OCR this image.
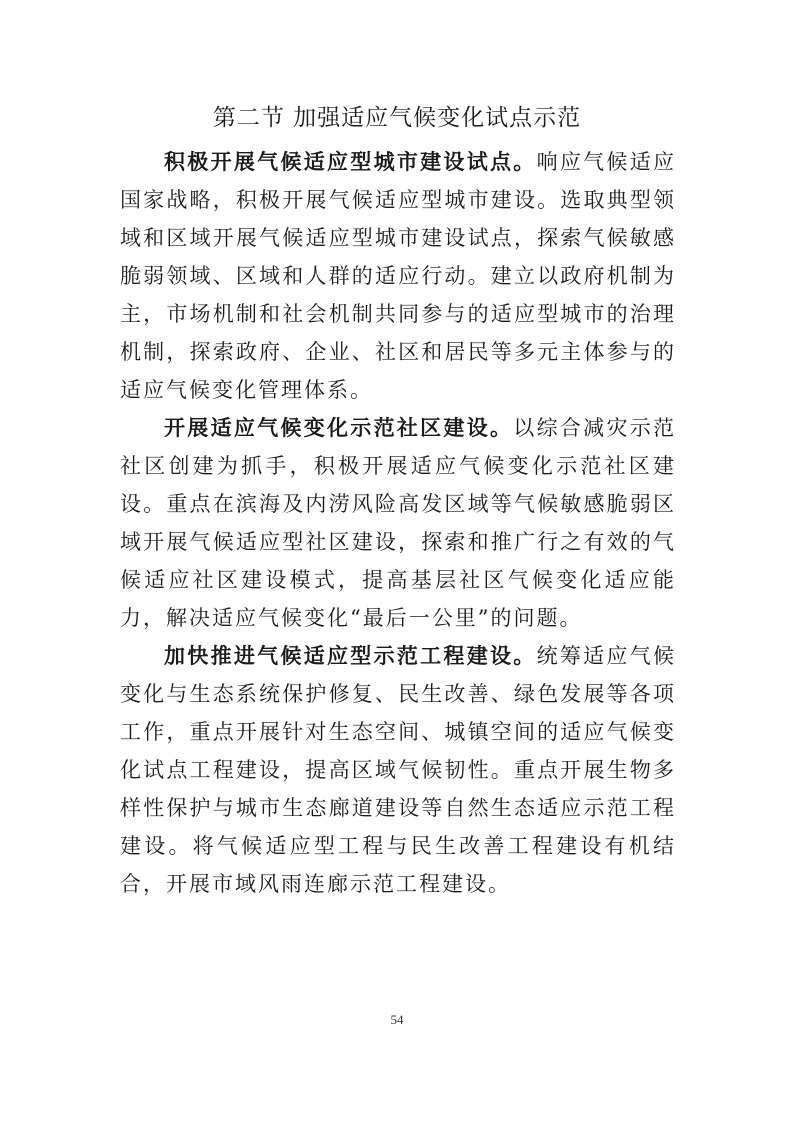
第二节 加强适应气候变化试点示范

积极开展气候适应型城市建设试点。响应气候适应国家战略，积极开展气候适应型城市建设。选取典型领域和区域开展气候适应型城市建设试点，探索气候敏感脆弱领域、区域和人群的适应行动。建立以政府机制为主，市场机制和社会机制共同参与的适应型城市的治理机制，探索政府、企业、社区和居民等多元主体参与的适应气候变化管理体系。

开展适应气候变化示范社区建设。以综合减灾示范社区创建为抓手，积极开展适应气候变化示范社区建设。重点在滨海及内涝风险高发区域等气候敏感脆弱区域开展气候适应型社区建设，探索和推广行之有效的气候适应社区建设模式，提高基层社区气候变化适应能力，解决适应气候变化“最后一公里”的问题。

加快推进气候适应型示范工程建设。统筹适应气候变化与生态系统保护修复、民生改善、绿色发展等各项工作，重点开展针对生态空间、城镇空间的适应气候变化试点工程建设，提高区域气候韧性。重点开展生物多样性保护与城市生态廊道建设等自然生态适应示范工程建设。将气候适应型工程与民生改善工程建设有机结合，开展市域风雨连廊示范工程建设。

54
